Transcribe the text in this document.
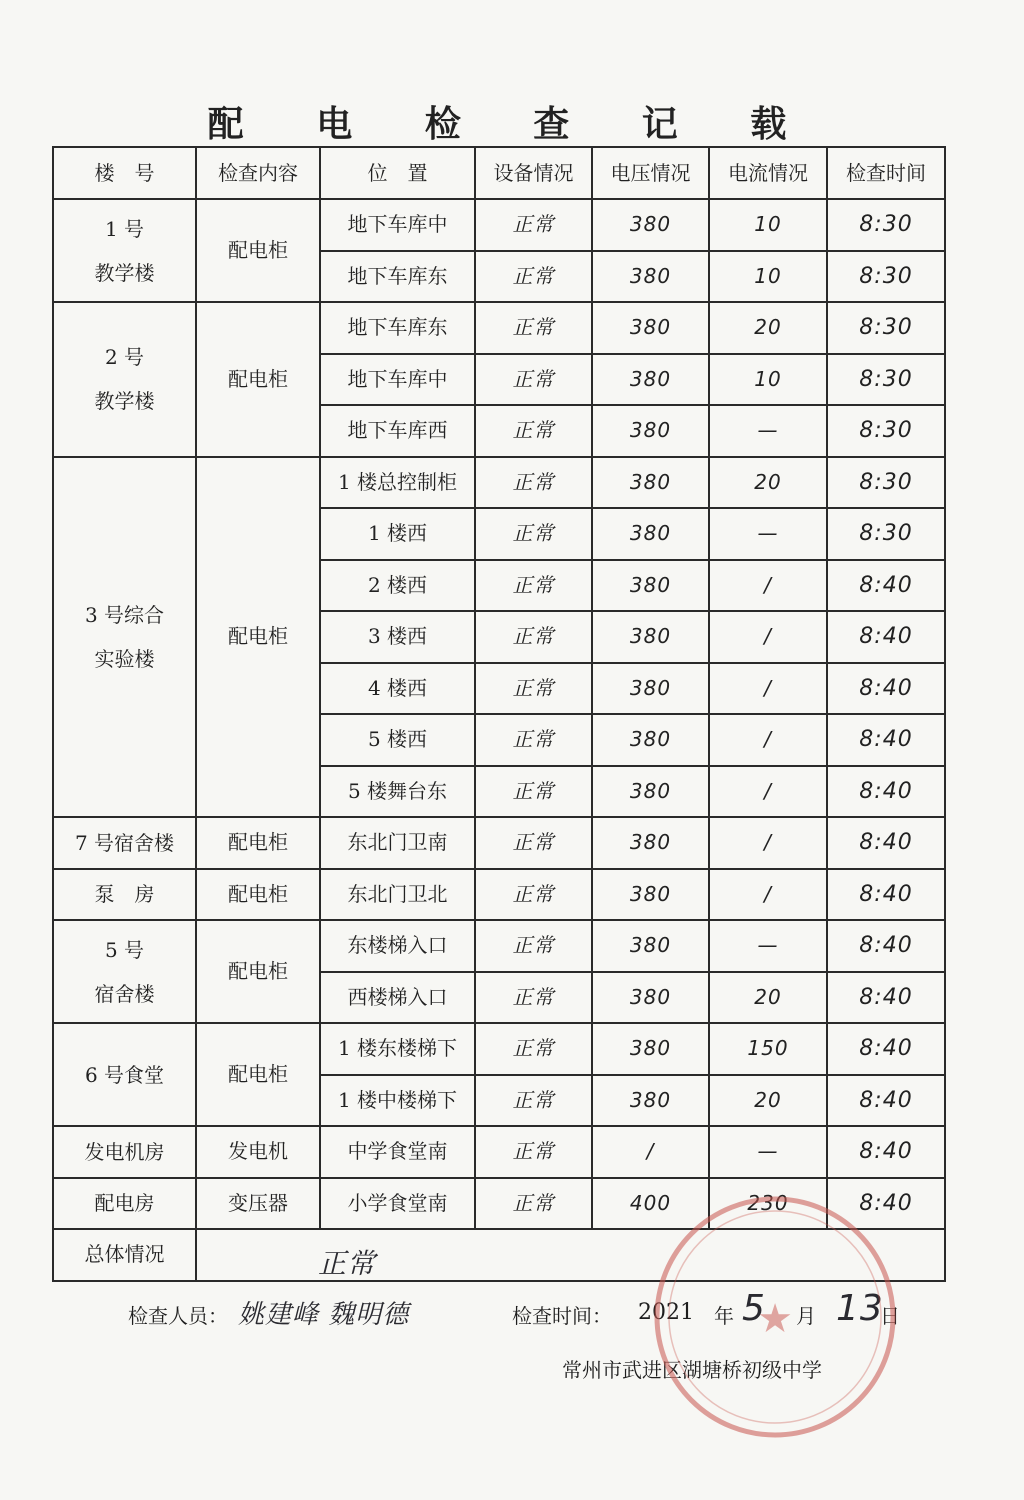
配 电 检 查 记 载
楼　号	检查内容	位　置	设备情况	电压情况	电流情况	检查时间

1 号
教学楼	配电柜	地下车库中	正常	380	10	8:30
		地下车库东	正常	380	10	8:30

2 号
教学楼	配电柜	地下车库东	正常	380	20	8:30
		地下车库中	正常	380	10	8:30
		地下车库西	正常	380	—	8:30

3 号综合
实验楼	配电柜	1 楼总控制柜	正常	380	20	8:30
		1 楼西	正常	380	—	8:30
		2 楼西	正常	380	/	8:40
		3 楼西	正常	380	/	8:40
		4 楼西	正常	380	/	8:40
		5 楼西	正常	380	/	8:40
		5 楼舞台东	正常	380	/	8:40

7 号宿舍楼	配电柜	东北门卫南	正常	380	/	8:40

泵　房	配电柜	东北门卫北	正常	380	/	8:40

5 号
宿舍楼	配电柜	东楼梯入口	正常	380	—	8:40
		西楼梯入口	正常	380	20	8:40

6 号食堂	配电柜	1 楼东楼梯下	正常	380	150	8:40
		1 楼中楼梯下	正常	380	20	8:40

发电机房	发电机	中学食堂南	正常	/	—	8:40

配电房	变压器	小学食堂南	正常	400	230	8:40
总体情况							正常
检查人员： 姚建峰 魏明德	检查时间： 2021 年 5 月 13
日
常州市武进区湖塘桥初级中学
★
